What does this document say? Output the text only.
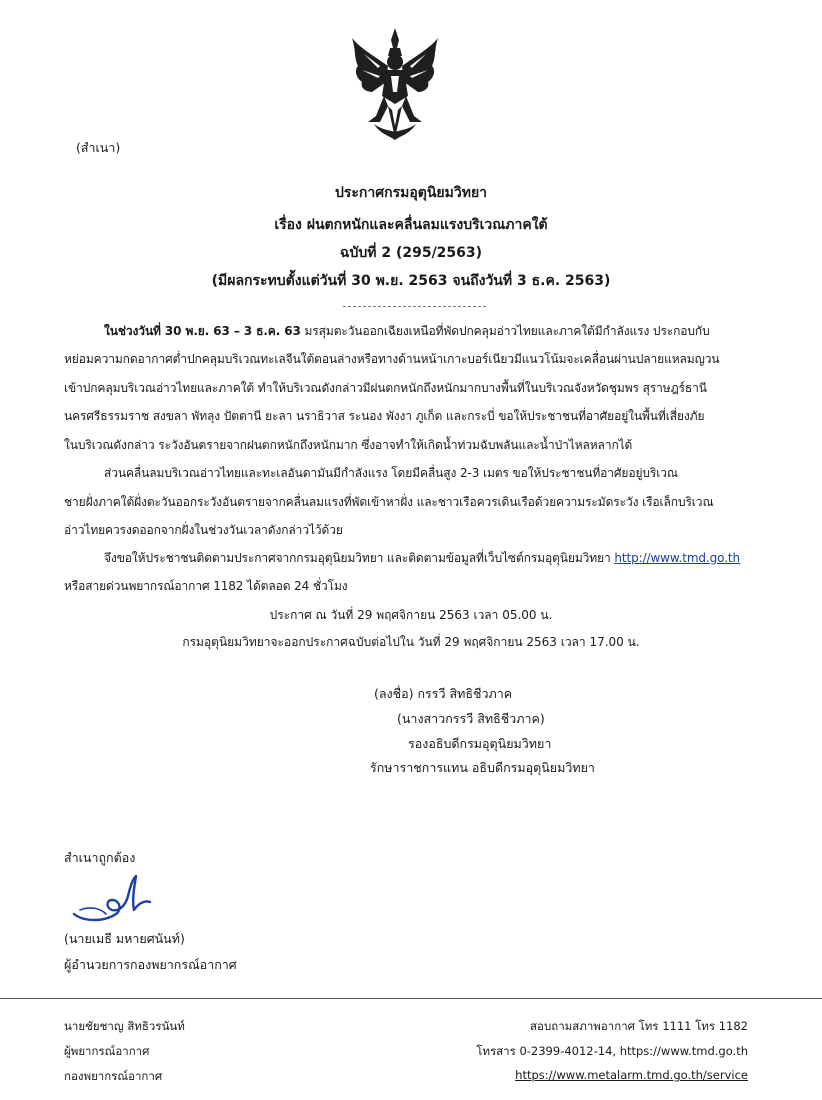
(สำเนา)
ประกาศกรมอุตุนิยมวิทยา
เรื่อง ฝนตกหนักและคลื่นลมแรงบริเวณภาคใต้
ฉบับที่ 2 (295/2563)
(มีผลกระทบตั้งแต่วันที่ 30 พ.ย. 2563 จนถึงวันที่ 3 ธ.ค. 2563)
ในช่วงวันที่ 30 พ.ย. 63 – 3 ธ.ค. 63 มรสุมตะวันออกเฉียงเหนือที่พัดปกคลุมอ่าวไทยและภาคใต้มีกำลังแรง ประกอบกับ
หย่อมความกดอากาศต่ำปกคลุมบริเวณทะเลจีนใต้ตอนล่างหรือทางด้านหน้าเกาะบอร์เนียวมีแนวโน้มจะเคลื่อนผ่านปลายแหลมญวน
เข้าปกคลุมบริเวณอ่าวไทยและภาคใต้ ทำให้บริเวณดังกล่าวมีฝนตกหนักถึงหนักมากบางพื้นที่ในบริเวณจังหวัดชุมพร สุราษฎร์ธานี
นครศรีธรรมราช สงขลา พัทลุง ปัตตานี ยะลา นราธิวาส ระนอง พังงา ภูเก็ต และกระบี่ ขอให้ประชาชนที่อาศัยอยู่ในพื้นที่เสี่ยงภัย
ในบริเวณดังกล่าว ระวังอันตรายจากฝนตกหนักถึงหนักมาก ซึ่งอาจทำให้เกิดน้ำท่วมฉับพลันและน้ำป่าไหลหลากได้
ส่วนคลื่นลมบริเวณอ่าวไทยและทะเลอันดามันมีกำลังแรง โดยมีคลื่นสูง 2-3 เมตร ขอให้ประชาชนที่อาศัยอยู่บริเวณ
ชายฝั่งภาคใต้ฝั่งตะวันออกระวังอันตรายจากคลื่นลมแรงที่พัดเข้าหาฝั่ง และชาวเรือควรเดินเรือด้วยความระมัดระวัง เรือเล็กบริเวณ
อ่าวไทยควรงดออกจากฝั่งในช่วงวันเวลาดังกล่าวไว้ด้วย
จึงขอให้ประชาชนติดตามประกาศจากกรมอุตุนิยมวิทยา และติดตามข้อมูลที่เว็บไซต์กรมอุตุนิยมวิทยา http://www.tmd.go.th
หรือสายด่วนพยากรณ์อากาศ 1182 ได้ตลอด 24 ชั่วโมง
ประกาศ ณ วันที่ 29 พฤศจิกายน 2563 เวลา 05.00 น.
กรมอุตุนิยมวิทยาจะออกประกาศฉบับต่อไปใน วันที่ 29 พฤศจิกายน 2563 เวลา 17.00 น.
(ลงชื่อ) กรรวี สิทธิชีวภาค
(นางสาวกรรวี สิทธิชีวภาค)
รองอธิบดีกรมอุตุนิยมวิทยา
รักษาราชการแทน อธิบดีกรมอุตุนิยมวิทยา
สำเนาถูกต้อง
(นายเมธี มหายศนันท์)
ผู้อำนวยการกองพยากรณ์อากาศ
นายชัยชาญ สิทธิวรนันท์
ผู้พยากรณ์อากาศ
กองพยากรณ์อากาศ
สอบถามสภาพอากาศ โทร 1111 โทร 1182
โทรสาร 0-2399-4012-14, https://www.tmd.go.th
https://www.metalarm.tmd.go.th/service
